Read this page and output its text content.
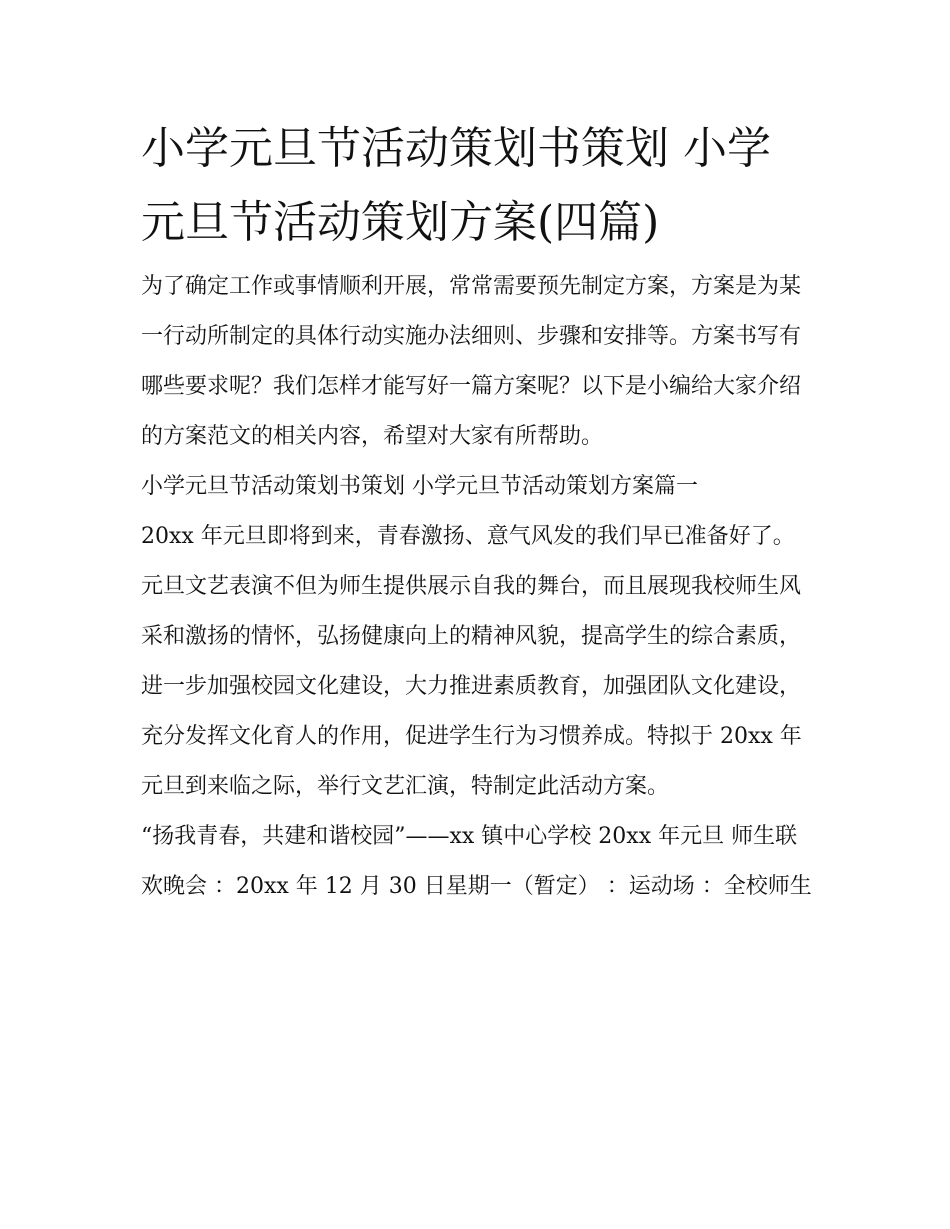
小学元旦节活动策划书策划 小学元旦节活动策划方案(四篇)

为了确定工作或事情顺利开展，常常需要预先制定方案，方案是为某一行动所制定的具体行动实施办法细则、步骤和安排等。方案书写有哪些要求呢？我们怎样才能写好一篇方案呢？以下是小编给大家介绍的方案范文的相关内容，希望对大家有所帮助。

小学元旦节活动策划书策划 小学元旦节活动策划方案篇一

20xx 年元旦即将到来，青春激扬、意气风发的我们早已准备好了。元旦文艺表演不但为师生提供展示自我的舞台，而且展现我校师生风采和激扬的情怀，弘扬健康向上的精神风貌，提高学生的综合素质，进一步加强校园文化建设，大力推进素质教育，加强团队文化建设，充分发挥文化育人的作用，促进学生行为习惯养成。特拟于 20xx 年元旦到来临之际，举行文艺汇演，特制定此活动方案。

“扬我青春，共建和谐校园”——xx 镇中心学校 20xx 年元旦 师生联欢晚会 ：20xx 年 12 月 30 日星期一（暂定） ：运动场 ：全校师生
